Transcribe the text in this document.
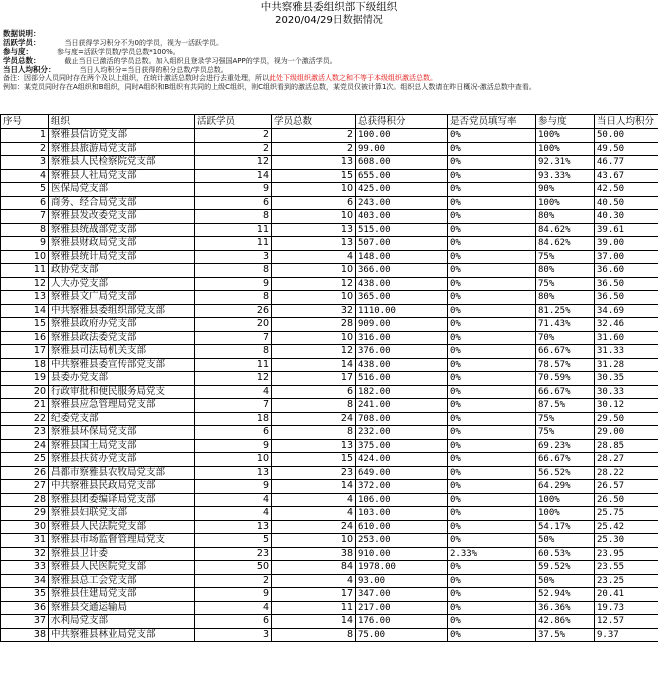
中共察雅县委组织部下级组织
2020/04/29日数据情况
数据说明：
活跃学员：	当日获得学习积分不为0的学员，视为一活跃学员。
参与度：	参与度=活跃学员数/学员总数*100%。
学员总数：	截止当日已激活的学员总数。加入组织且登录学习强国APP的学员，视为一个激活学员。
当日人均积分：	当日人均积分=当日获得的积分总数/学员总数。
备注：因部分人员同时存在两个及以上组织，在统计激活总数时会进行去重处理，所以此处下级组织激活人数之和不等于本级组织激活总数。
例如：某党员同时存在A组织和B组织，同时A组织和B组织有共同的上级C组织，则C组织看到的激活总数，某党员仅被计算1次。组织总人数请在昨日概况-激活总数中查看。
序号	组织	活跃学员	学员总数	总获得积分	是否党员填写率	参与度	当日人均积分
1	察雅县信访党支部	2	2	100.00	0%	100%	50.00
2	察雅县旅游局党支部	2	2	99.00	0%	100%	49.50
3	察雅县人民检察院党支部	12	13	608.00	0%	92.31%	46.77
4	察雅县人社局党支部	14	15	655.00	0%	93.33%	43.67
5	医保局党支部	9	10	425.00	0%	90%	42.50
6	商务、经合局党支部	6	6	243.00	0%	100%	40.50
7	察雅县发改委党支部	8	10	403.00	0%	80%	40.30
8	察雅县统战部党支部	11	13	515.00	0%	84.62%	39.61
9	察雅县财政局党支部	11	13	507.00	0%	84.62%	39.00
10	察雅县统计局党支部	3	4	148.00	0%	75%	37.00
11	政协党支部	8	10	366.00	0%	80%	36.60
12	人大办党支部	9	12	438.00	0%	75%	36.50
13	察雅县文广局党支部	8	10	365.00	0%	80%	36.50
14	中共察雅县委组织部党支部	26	32	1110.00	0%	81.25%	34.69
15	察雅县政府办党支部	20	28	909.00	0%	71.43%	32.46
16	察雅县政法委党支部	7	10	316.00	0%	70%	31.60
17	察雅县司法局机关支部	8	12	376.00	0%	66.67%	31.33
18	中共察雅县委宣传部党支部	11	14	438.00	0%	78.57%	31.28
19	县委办党支部	12	17	516.00	0%	70.59%	30.35
20	行政审批和便民服务局党支	4	6	182.00	0%	66.67%	30.33
21	察雅县应急管理局党支部	7	8	241.00	0%	87.5%	30.12
22	纪委党支部	18	24	708.00	0%	75%	29.50
23	察雅县环保局党支部	6	8	232.00	0%	75%	29.00
24	察雅县国土局党支部	9	13	375.00	0%	69.23%	28.85
25	察雅县扶贫办党支部	10	15	424.00	0%	66.67%	28.27
26	昌都市察雅县农牧局党支部	13	23	649.00	0%	56.52%	28.22
27	中共察雅县民政局党支部	9	14	372.00	0%	64.29%	26.57
28	察雅县团委编译局党支部	4	4	106.00	0%	100%	26.50
29	察雅县妇联党支部	4	4	103.00	0%	100%	25.75
30	察雅县人民法院党支部	13	24	610.00	0%	54.17%	25.42
31	察雅县市场监督管理局党支	5	10	253.00	0%	50%	25.30
32	察雅县卫计委	23	38	910.00	2.33%	60.53%	23.95
33	察雅县人民医院党支部	50	84	1978.00	0%	59.52%	23.55
34	察雅县总工会党支部	2	4	93.00	0%	50%	23.25
35	察雅县住建局党支部	9	17	347.00	0%	52.94%	20.41
36	察雅县交通运输局	4	11	217.00	0%	36.36%	19.73
37	水利局党支部	6	14	176.00	0%	42.86%	12.57
38	中共察雅县林业局党支部	3	8	75.00	0%	37.5%	9.37
